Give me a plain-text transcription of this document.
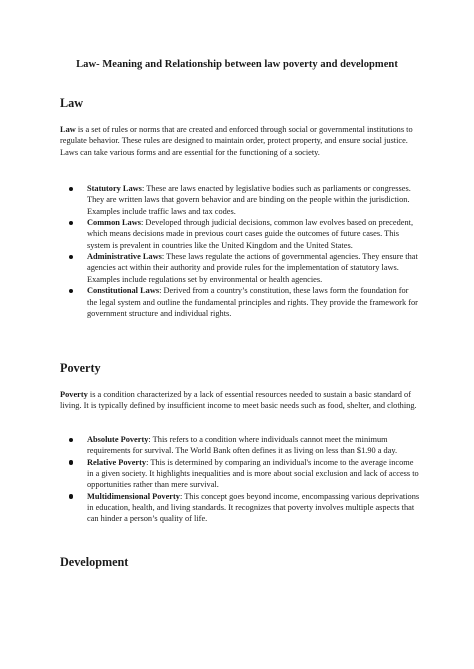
Law- Meaning and Relationship between law poverty and development
Law

Law is a set of rules or norms that are created and enforced through social or governmental institutions to regulate behavior. These rules are designed to maintain order, protect property, and ensure social justice. Laws can take various forms and are essential for the functioning of a society.

Statutory Laws: These are laws enacted by legislative bodies such as parliaments or congresses. They are written laws that govern behavior and are binding on the people within the jurisdiction. Examples include traffic laws and tax codes.
Common Laws: Developed through judicial decisions, common law evolves based on precedent, which means decisions made in previous court cases guide the outcomes of future cases. This system is prevalent in countries like the United Kingdom and the United States.
Administrative Laws: These laws regulate the actions of governmental agencies. They ensure that agencies act within their authority and provide rules for the implementation of statutory laws. Examples include regulations set by environmental or health agencies.
Constitutional Laws: Derived from a country’s constitution, these laws form the foundation for the legal system and outline the fundamental principles and rights. They provide the framework for government structure and individual rights.
Poverty

Poverty is a condition characterized by a lack of essential resources needed to sustain a basic standard of living. It is typically defined by insufficient income to meet basic needs such as food, shelter, and clothing.

Absolute Poverty: This refers to a condition where individuals cannot meet the minimum requirements for survival. The World Bank often defines it as living on less than $1.90 a day.
Relative Poverty: This is determined by comparing an individual's income to the average income in a given society. It highlights inequalities and is more about social exclusion and lack of access to opportunities rather than mere survival.
Multidimensional Poverty: This concept goes beyond income, encompassing various deprivations in education, health, and living standards. It recognizes that poverty involves multiple aspects that can hinder a person’s quality of life.
Development
